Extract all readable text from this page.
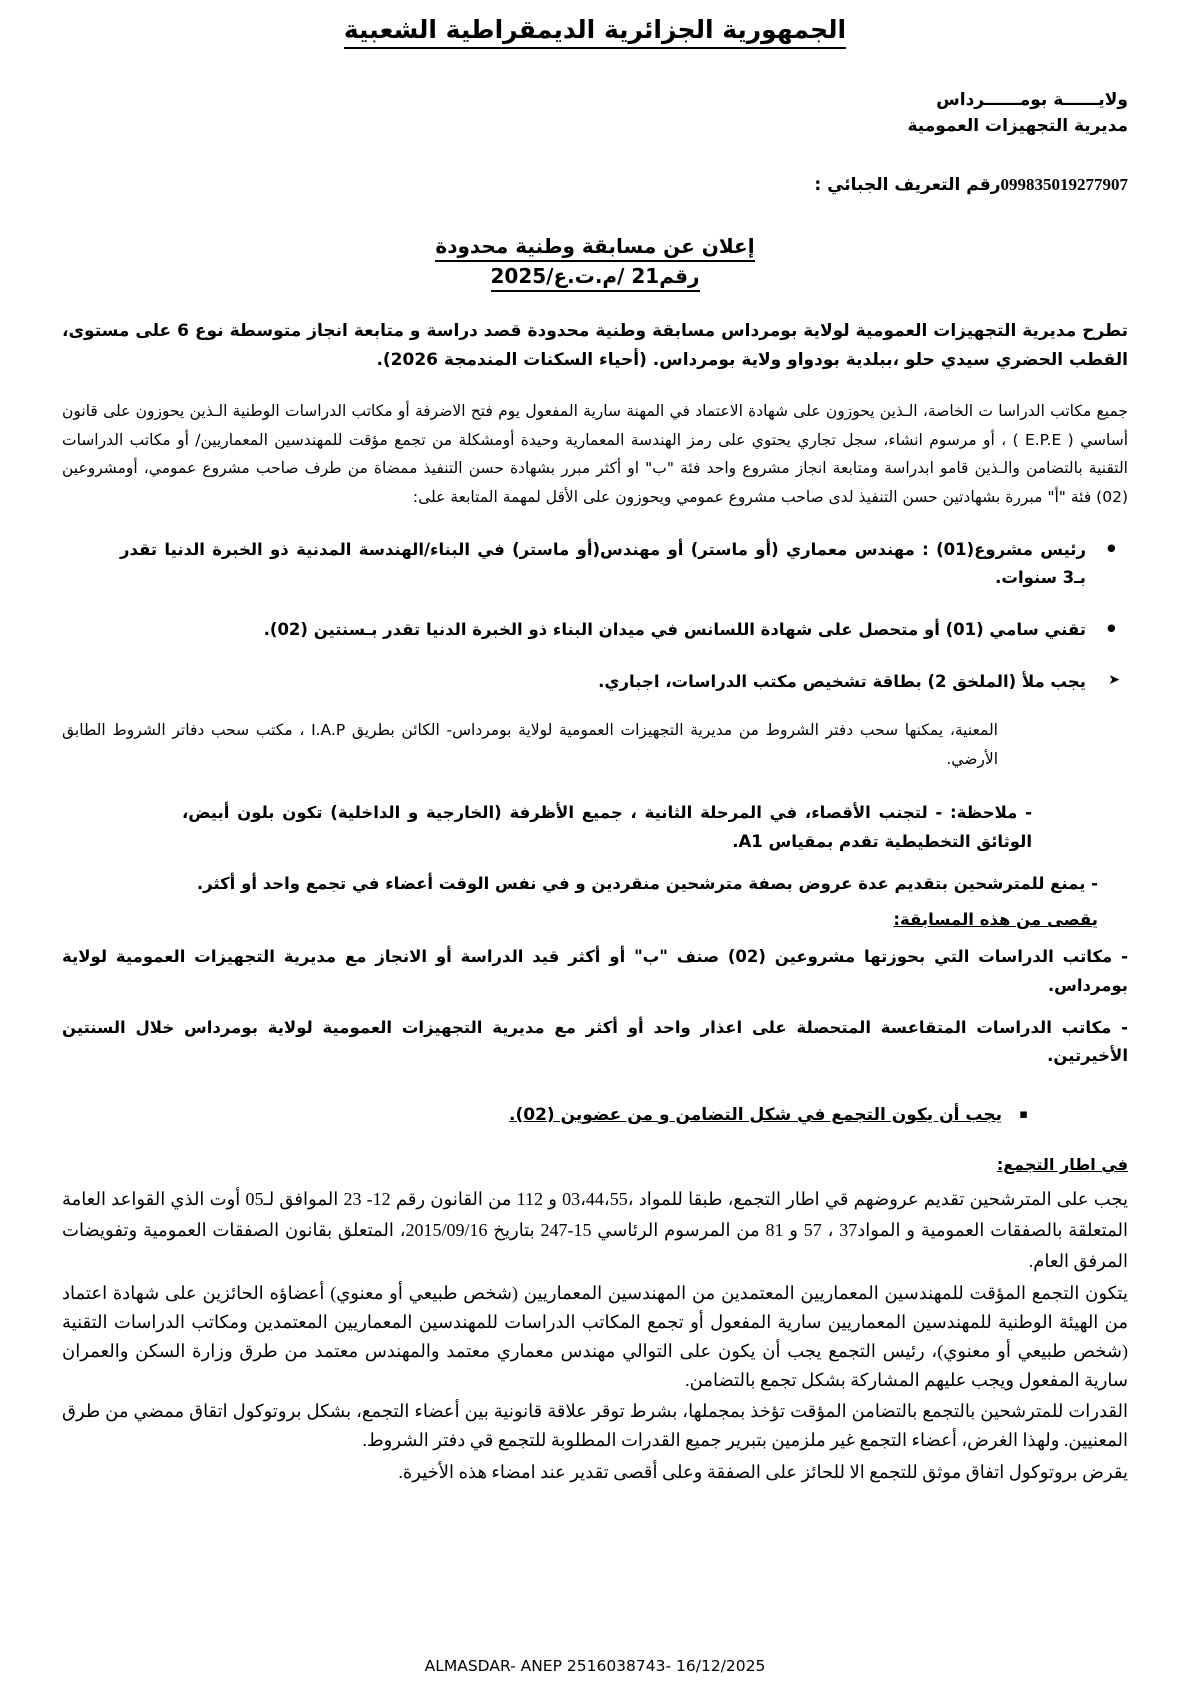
الجمهورية الجزائرية الديمقراطية الشعبية
ولايــــــة بومــــــرداس
مديرية التجهيزات العمومية
099835019277907رقم التعريف الجبائي :
إعلان عن مسابقة وطنية محدودة
رقم21 /م.ت.ع/2025
تطرح مديرية التجهيزات العمومية لولاية بومرداس مسابقة وطنية محدودة قصد دراسة و متابعة انجاز متوسطة نوع 6 على مستوى، القطب الحضري سيدي حلو ،ببلدية بودواو ولاية بومرداس. (أحياء السكنات المندمجة 2026).
جميع مكاتب الدراسا ت الخاصة، الـذين يحوزون على شهادة الاعتماد في المهنة سارية المفعول يوم فتح الاضرفة أو مكاتب الدراسات الوطنية الـذين يحوزون على قانون أساسي ( E.P.E ) ، أو مرسوم انشاء، سجل تجاري يحتوي على رمز الهندسة المعمارية وحيدة أومشكلة من تجمع مؤقت للمهندسين المعماريين/ أو مكاتب الدراسات التقنية بالتضامن والـذين قامو ابدراسة ومتابعة انجاز مشروع واحد فئة "ب" او أكثر مبرر بشهادة حسن التنفيذ ممضاة من طرف صاحب مشروع عمومي، أومشروعين (02) فئة "أ" مبررة بشهادتين حسن التنفيذ لدى صاحب مشروع عمومي ويحوزون على الأقل لمهمة المتابعة على:
• رئيس مشروع(01) : مهندس معماري (أو ماستر) أو مهندس(أو ماستر) في البناء/الهندسة المدنية ذو الخبرة الدنيا تقدر بـ3 سنوات.
• تقني سامي (01) أو متحصل على شهادة اللسانس في ميدان البناء ذو الخبرة الدنيا تقدر بـسنتين (02).
➤ يجب ملأ (الملخق 2) بطاقة تشخيص مكتب الدراسات، اجباري.
المعنية، يمكنها سحب دفتر الشروط من مديرية التجهيزات العمومية لولاية بومرداس- الكائن بطريق I.A.P ، مكتب سحب دفاتر الشروط الطابق الأرضي.
- ملاحظة: - لتجنب الأقصاء، في المرحلة الثانية ، جميع الأظرفة (الخارجية و الداخلية) تكون بلون أبيض، الوثائق التخطيطية تقدم بمقياس A1.
- يمنع للمترشحين بتقديم عدة عروض بصفة مترشحين منقردين و في نفس الوقت أعضاء في تجمع واحد أو أكثر.
يقصى من هذه المسابقة:
- مكاتب الدراسات التي بحوزتها مشروعين (02) صنف "ب" أو أكثر قيد الدراسة أو الانجاز مع مديرية التجهيزات العمومية لولاية بومرداس.
- مكاتب الدراسات المتقاعسة المتحصلة على اعذار واحد أو أكثر مع مديرية التجهيزات العمومية لولاية بومرداس خلال السنتين الأخيرتين.
▪ يجب أن يكون التجمع في شكل التضامن و من عضوين (02).
في اطار التجمع:
يجب على المترشحين تقديم عروضهم قي اطار التجمع، طبقا للمواد ،03،44،55 و 112 من القانون رقم 12- 23 الموافق لـ05 أوت الذي القواعد العامة المتعلقة بالصفقات العمومية و المواد37 ، 57 و 81 من المرسوم الرئاسي 15-247 بتاريخ 2015/09/16، المتعلق بقانون الصفقات العمومية وتفويضات المرفق العام.
يتكون التجمع المؤقت للمهندسين المعماريين المعتمدين من المهندسين المعماريين (شخص طبيعي أو معنوي) أعضاؤه الحائزين على شهادة اعتماد من الهيئة الوطنية للمهندسين المعماريين سارية المفعول أو تجمع المكاتب الدراسات للمهندسين المعماريين المعتمدين ومكاتب الدراسات التقنية (شخص طبيعي أو معنوي)، رئيس التجمع يجب أن يكون على التوالي مهندس معماري معتمد والمهندس معتمد من طرق وزارة السكن والعمران سارية المفعول ويجب عليهم المشاركة بشكل تجمع بالتضامن.
القدرات للمترشحين بالتجمع بالتضامن المؤقت تؤخذ بمجملها، بشرط توقر علاقة قانونية بين أعضاء التجمع، بشكل بروتوكول اتقاق ممضي من طرق المعنيين. ولهذا الغرض، أعضاء التجمع غير ملزمين بتبرير جميع القدرات المطلوبة للتجمع قي دفتر الشروط.
يقرض بروتوكول اتفاق موثق للتجمع الا للحائز على الصفقة وعلى أقصى تقدير عند امضاء هذه الأخيرة.
ALMASDAR- ANEP 2516038743- 16/12/2025
